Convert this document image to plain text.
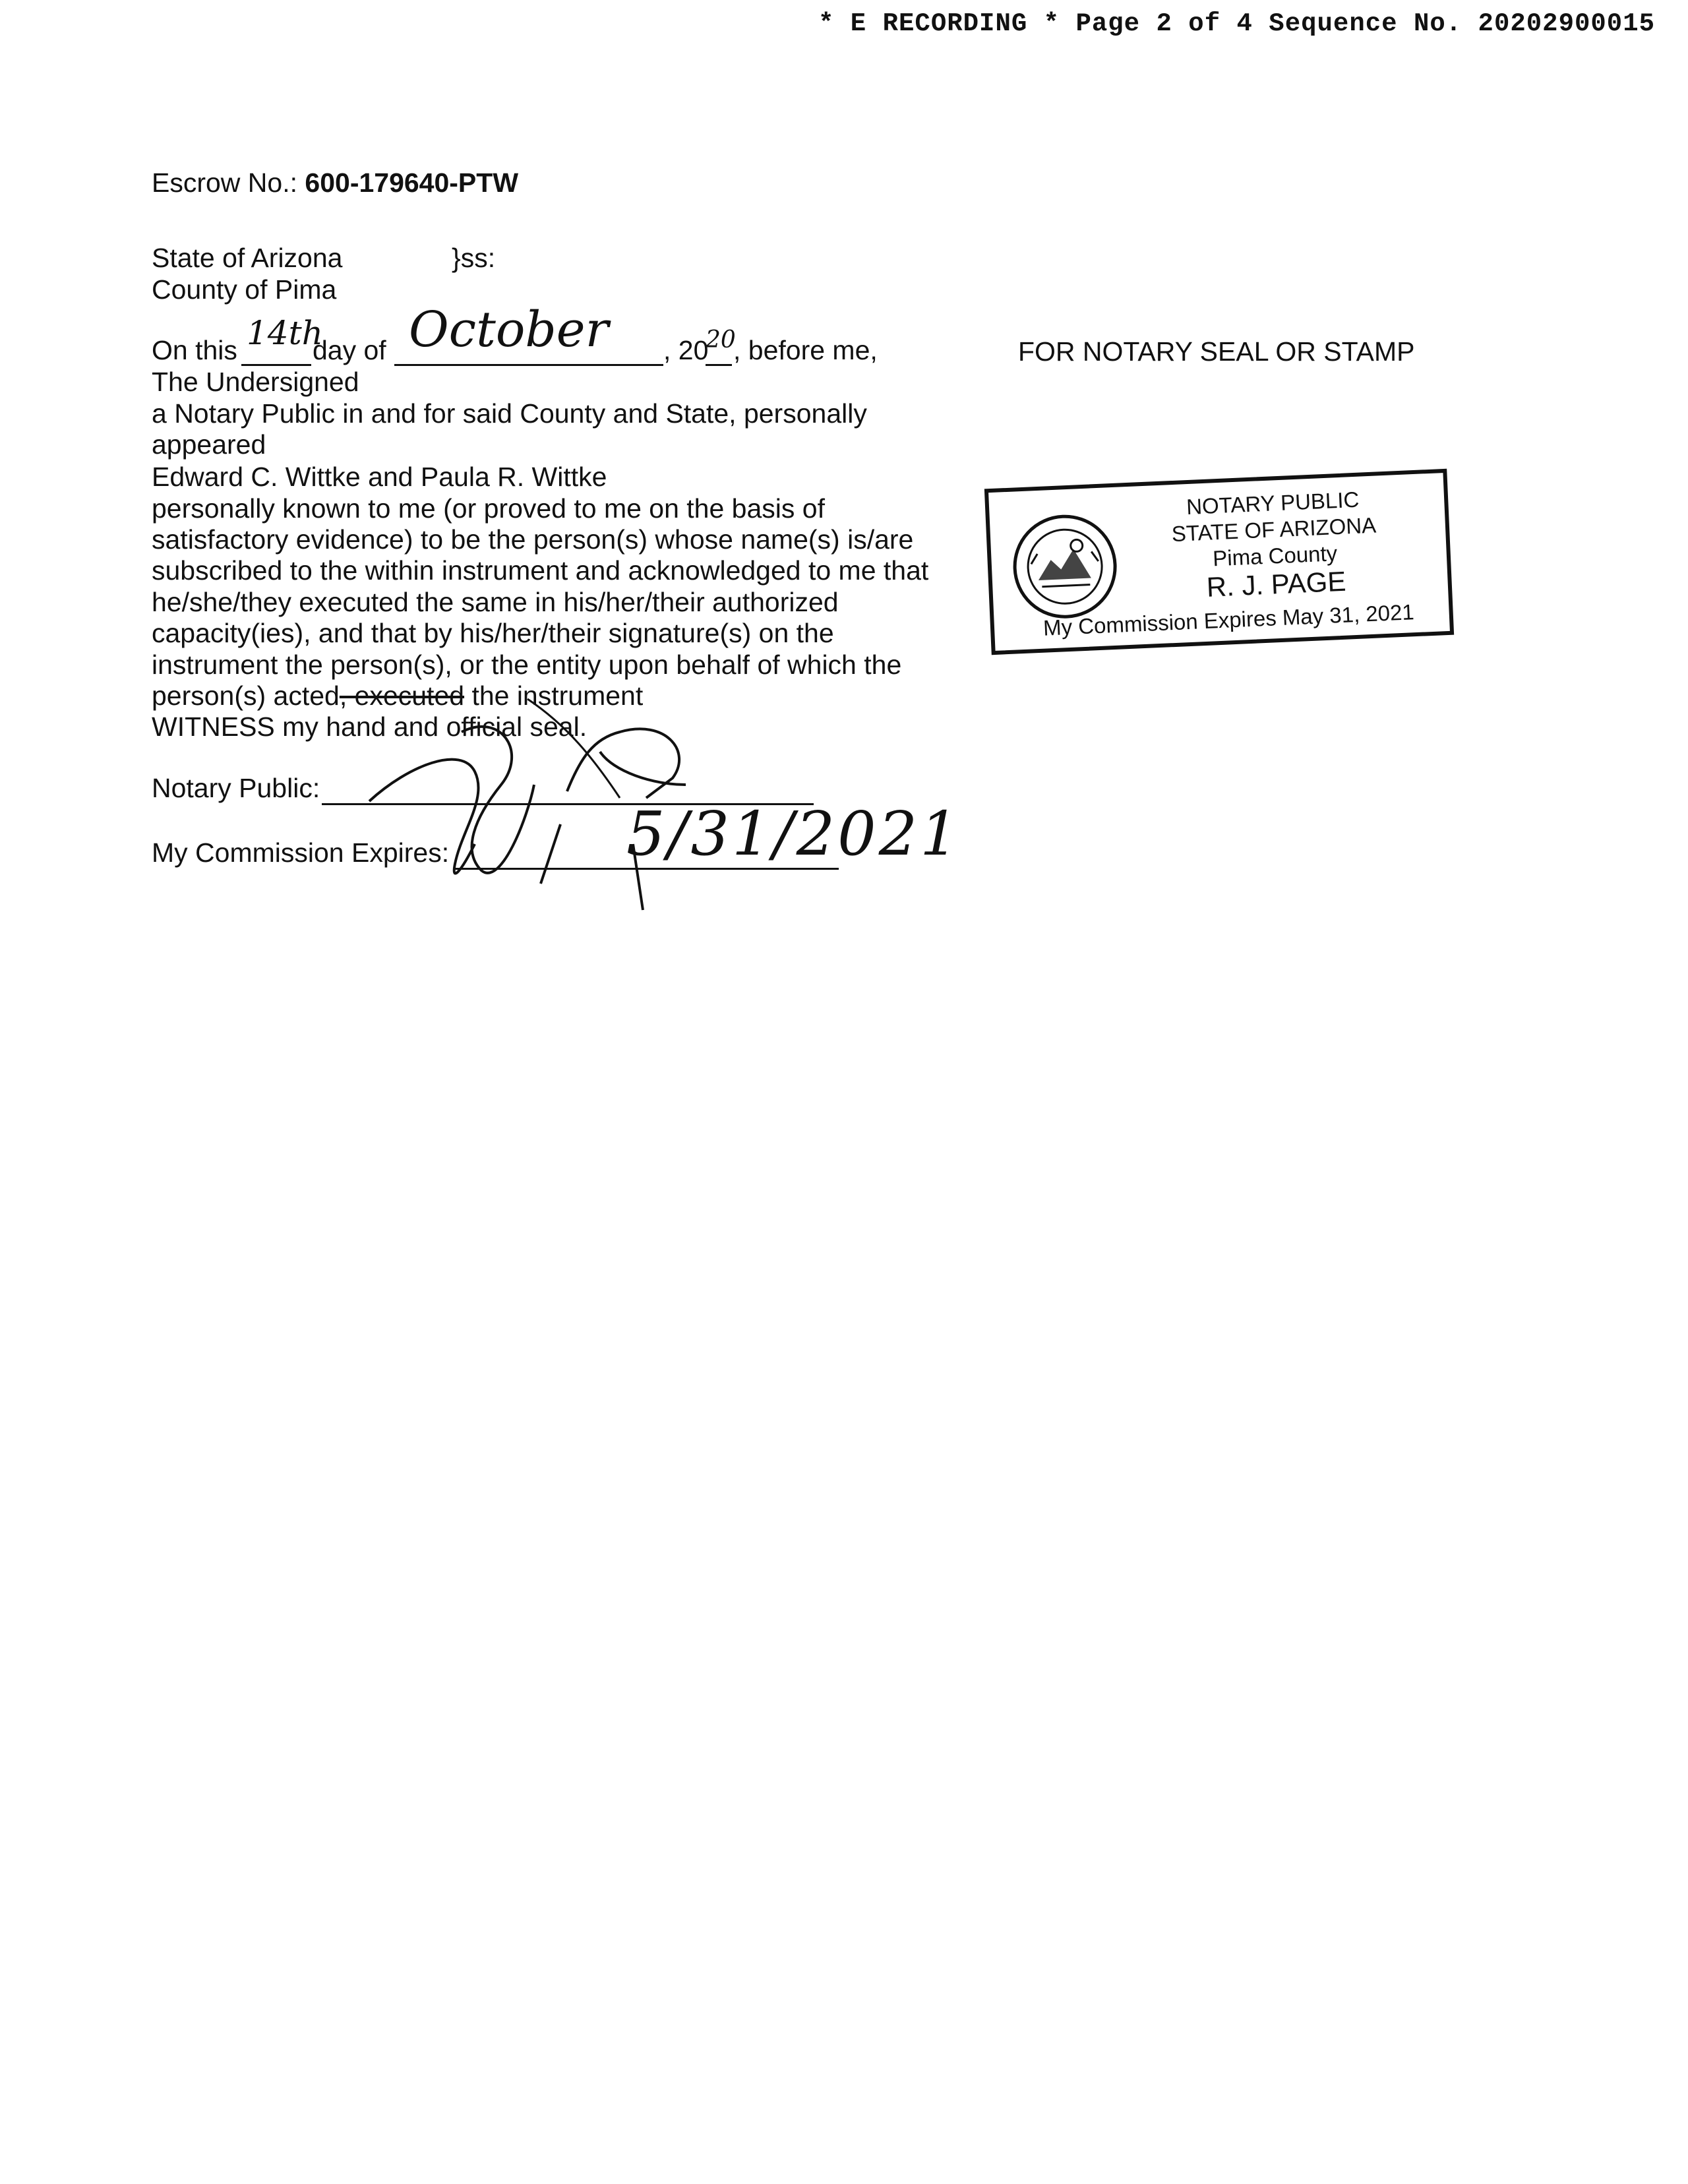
* E RECORDING * Page 2 of 4 Sequence No. 20202900015
Escrow No.: 600-179640-PTW
State of Arizona	}ss:
County of Pima
On this 14th
day of October , 20
20
, before me,
The Undersigned
a Notary Public in and for said County and State, personally
appeared
Edward C. Wittke and Paula R. Wittke
personally known to me (or proved to me on the basis of
satisfactory evidence) to be the person(s) whose name(s) is/are
subscribed to the within instrument and acknowledged to me that
he/she/they executed the same in his/her/their authorized
capacity(ies), and that by his/her/their signature(s) on the
instrument the person(s), or the entity upon behalf of which the
person(s) acted, executed the instrument
WITNESS my hand and official seal.
Notary Public:
My Commission Expires:	5/31/2021
FOR NOTARY SEAL OR STAMP
NOTARY PUBLIC
STATE OF ARIZONA
Pima County
R. J. PAGE
My Commission Expires May 31, 2021
